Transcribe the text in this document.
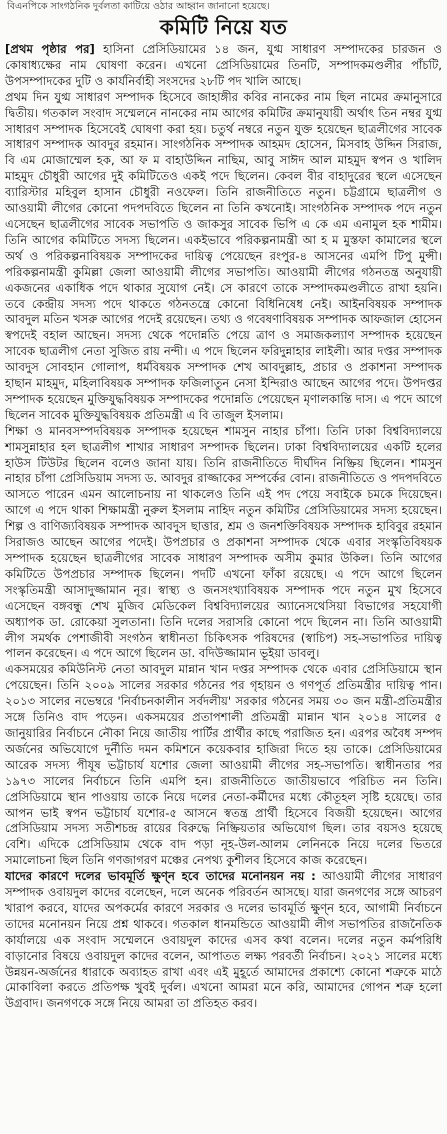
বিএনপিকে সাংগঠনিক দুর্বলতা কাটিয়ে ওঠার আহ্বান জানানো হয়েছে।
কমিটি নিয়ে যত

[প্রথম পৃষ্ঠার পর] হাসিনা প্রেসিডিয়ামের ১৪ জন, যুগ্ম সাধারণ সম্পাদকের চারজন ও কোষাধ্যক্ষের নাম ঘোষণা করেন। এখনো প্রেসিডিয়ামের তিনটি, সম্পাদকমণ্ডলীর পাঁচটি, উপসম্পাদকের দুটি ও কার্যনির্বাহী সংসদের ২৮টি পদ খালি আছে।

প্রথম দিন যুগ্ম সাধারণ সম্পাদক হিসেবে জাহাঙ্গীর কবির নানকের নাম ছিল নামের ক্রমানুসারে দ্বিতীয়। গতকাল সংবাদ সম্মেলনে নানকের নাম আগের কমিটির ক্রমানুযায়ী অর্থাৎ তিন নম্বর যুগ্ম সাধারণ সম্পাদক হিসেবেই ঘোষণা করা হয়। চতুর্থ নম্বরে নতুন যুক্ত হয়েছেন ছাত্রলীগের সাবেক সাধারণ সম্পাদক আবদুর রহমান। সাংগঠনিক সম্পাদক আহমদ হোসেন, মিসবাহ উদ্দিন সিরাজ, বি এম মোজাম্মেল হক, আ ফ ম বাহাউদ্দিন নাছিম, আবু সাঈদ আল মাহমুদ স্বপন ও খালিদ মাহমুদ চৌধুরী আগের দুই কমিটিতেও একই পদে ছিলেন। কেবল বীর বাহাদুরের স্থলে এসেছেন ব্যারিস্টার মহিবুল হাসান চৌধুরী নওফেল। তিনি রাজনীতিতে নতুন। চট্টগ্রামে ছাত্রলীগ ও আওয়ামী লীগের কোনো পদপদবিতে ছিলেন না তিনি কখনোই। সাংগঠনিক সম্পাদক পদে নতুন এসেছেন ছাত্রলীগের সাবেক সভাপতি ও জাকসুর সাবেক ভিপি এ কে এম এনামুল হক শামীম। তিনি আগের কমিটিতে সদস্য ছিলেন। একইভাবে পরিকল্পনামন্ত্রী আ হ ম মুস্তফা কামালের স্থলে অর্থ ও পরিকল্পনাবিষয়ক সম্পাদকের দায়িত্ব পেয়েছেন রংপুর-৪ আসনের এমপি টিপু মুন্সী। পরিকল্পনামন্ত্রী কুমিল্লা জেলা আওয়ামী লীগের সভাপতি। আওয়ামী লীগের গঠনতন্ত্র অনুযায়ী একজনের একাধিক পদে থাকার সুযোগ নেই। সে কারণে তাকে সম্পাদকমণ্ডলীতে রাখা হয়নি। তবে কেন্দ্রীয় সদস্য পদে থাকতে গঠনতন্ত্রে কোনো বিধিনিষেধ নেই। আইনবিষয়ক সম্পাদক আবদুল মতিন খসরু আগের পদেই রয়েছেন। তথ্য ও গবেষণাবিষয়ক সম্পাদক আফজাল হোসেন স্বপদেই বহাল আছেন। সদস্য থেকে পদোন্নতি পেয়ে ত্রাণ ও সমাজকল্যাণ সম্পাদক হয়েছেন সাবেক ছাত্রলীগ নেতা সুজিত রায় নন্দী। এ পদে ছিলেন ফরিদুন্নাহার লাইলী। আর দপ্তর সম্পাদক আবদুস সোবহান গোলাপ, ধর্মবিষয়ক সম্পাদক শেখ আবদুল্লাহ, প্রচার ও প্রকাশনা সম্পাদক হাছান মাহমুদ, মহিলাবিষয়ক সম্পাদক ফজিলাতুন নেসা ইন্দিরাও আছেন আগের পদে। উপদপ্তর সম্পাদক হয়েছেন মুক্তিযুদ্ধবিষয়ক সম্পাদকের পদোন্নতি পেয়েছেন মৃণালকান্তি দাস। এ পদে আগে ছিলেন সাবেক মুক্তিযুদ্ধবিষয়ক প্রতিমন্ত্রী এ বি তাজুল ইসলাম।

শিক্ষা ও মানবসম্পদবিষয়ক সম্পাদক হয়েছেন শামসুন নাহার চাঁপা। তিনি ঢাকা বিশ্ববিদ্যালয়ে শামসুন্নাহার হল ছাত্রলীগ শাখার সাধারণ সম্পাদক ছিলেন। ঢাকা বিশ্ববিদ্যালয়ের একটি হলের হাউস টিউটর ছিলেন বলেও জানা যায়। তিনি রাজনীতিতে দীর্ঘদিন নিষ্ক্রিয় ছিলেন। শামসুন নাহার চাঁপা প্রেসিডিয়াম সদস্য ড. আবদুর রাজ্জাকের সম্পর্কের বোন। রাজনীতিতে ও পদপদবিতে আসতে পারেন এমন আলোচনায় না থাকলেও তিনি এই পদ পেয়ে সবাইকে চমকে দিয়েছেন। আগে এ পদে থাকা শিক্ষামন্ত্রী নুরুল ইসলাম নাহিদ নতুন কমিটির প্রেসিডিয়ামের সদস্য হয়েছেন। শিল্প ও বাণিজ্যবিষয়ক সম্পাদক আবদুস ছাত্তার, শ্রম ও জনশক্তিবিষয়ক সম্পাদক হাবিবুর রহমান সিরাজও আছেন আগের পদেই। উপপ্রচার ও প্রকাশনা সম্পাদক থেকে এবার সংস্কৃতিবিষয়ক সম্পাদক হয়েছেন ছাত্রলীগের সাবেক সাধারণ সম্পাদক অসীম কুমার উকিল। তিনি আগের কমিটিতে উপপ্রচার সম্পাদক ছিলেন। পদটি এখনো ফাঁকা রয়েছে। এ পদে আগে ছিলেন সংস্কৃতিমন্ত্রী আসাদুজ্জামান নূর। স্বাস্থ্য ও জনসংখ্যাবিষয়ক সম্পাদক পদে নতুন মুখ হিসেবে এসেছেন বঙ্গবন্ধু শেখ মুজিব মেডিকেল বিশ্ববিদ্যালয়ের অ্যানেসথেসিয়া বিভাগের সহযোগী অধ্যাপক ডা. রোকেয়া সুলতানা। তিনি দলের সরাসরি কোনো পদে ছিলেন না। তিনি আওয়ামী লীগ সমর্থক পেশাজীবী সংগঠন স্বাধীনতা চিকিৎসক পরিষদের (স্বাচিপ) সহ-সভাপতির দায়িত্ব পালন করেছেন। এ পদে আগে ছিলেন ডা. বদিউজ্জামান ভূইয়া ডাবলু।

একসময়ের কমিউনিস্ট নেতা আবদুল মান্নান খান দপ্তর সম্পাদক থেকে এবার প্রেসিডিয়ামে স্থান পেয়েছেন। তিনি ২০০৯ সালের সরকার গঠনের পর গৃহায়ন ও গণপূর্ত প্রতিমন্ত্রীর দায়িত্ব পান। ২০১৩ সালের নভেম্বরে 'নির্বাচনকালীন সর্বদলীয়' সরকার গঠনের সময় ৩০ জন মন্ত্রী-প্রতিমন্ত্রীর সঙ্গে তিনিও বাদ পড়েন। একসময়ের প্রতাপশালী প্রতিমন্ত্রী মান্নান খান ২০১৪ সালের ৫ জানুয়ারির নির্বাচনে নৌকা নিয়ে জাতীয় পার্টির প্রার্থীর কাছে পরাজিত হন। এরপর অবৈধ সম্পদ অর্জনের অভিযোগে দুর্নীতি দমন কমিশনে কয়েকবার হাজিরা দিতে হয় তাকে। প্রেসিডিয়ামের আরেক সদস্য পীযূষ ভট্টাচার্য যশোর জেলা আওয়ামী লীগের সহ-সভাপতি। স্বাধীনতার পর ১৯৭৩ সালের নির্বাচনে তিনি এমপি হন। রাজনীতিতে জাতীয়ভাবে পরিচিত নন তিনি। প্রেসিডিয়ামে স্থান পাওয়ায় তাকে নিয়ে দলের নেতা-কর্মীদের মধ্যে কৌতূহল সৃষ্টি হয়েছে। তার আপন ভাই স্বপন ভট্টাচার্য যশোর-৫ আসনে স্বতন্ত্র প্রার্থী হিসেবে বিজয়ী হয়েছেন। আগের প্রেসিডিয়াম সদস্য সতীশচন্দ্র রায়ের বিরুদ্ধে নিষ্ক্রিয়তার অভিযোগ ছিল। তার বয়সও হয়েছে বেশি। এদিকে প্রেসিডিয়াম থেকে বাদ পড়া নূহ-উল-আলম লেনিনকে নিয়ে দলের ভিতরে সমালোচনা ছিল তিনি গণজাগরণ মঞ্চের নেপথ্য কুশীলব হিসেবে কাজ করেছেন।

যাদের কারণে দলের ভাবমূর্তি ক্ষুণ্ন হবে তাদের মনোনয়ন নয় : আওয়ামী লীগের সাধারণ সম্পাদক ওবায়দুল কাদের বলেছেন, দলে অনেক পরিবর্তন আসছে। যারা জনগণের সঙ্গে আচরণ খারাপ করবে, যাদের অপকর্মের কারণে সরকার ও দলের ভাবমূর্তি ক্ষুণ্ন হবে, আগামী নির্বাচনে তাদের মনোনয়ন নিয়ে প্রশ্ন থাকবে। গতকাল ধানমন্ডিতে আওয়ামী লীগ সভাপতির রাজনৈতিক কার্যালয়ে এক সংবাদ সম্মেলনে ওবায়দুল কাদের এসব কথা বলেন। দলের নতুন কর্মপরিধি বাড়ানোর বিষয়ে ওবায়দুল কাদের বলেন, আপাতত লক্ষ্য পরবর্তী নির্বাচন। ২০২১ সালের মধ্যে উন্নয়ন-অর্জনের ধারাকে অব্যাহত রাখা এবং এই মুহূর্তে আমাদের প্রকাশ্যে কোনো শত্রুকে মাঠে মোকাবিলা করতে প্রতিপক্ষ খুবই দুর্বল। এখনো আমরা মনে করি, আমাদের গোপন শত্রু হলো উগ্রবাদ। জনগণকে সঙ্গে নিয়ে আমরা তা প্রতিহত করব।
